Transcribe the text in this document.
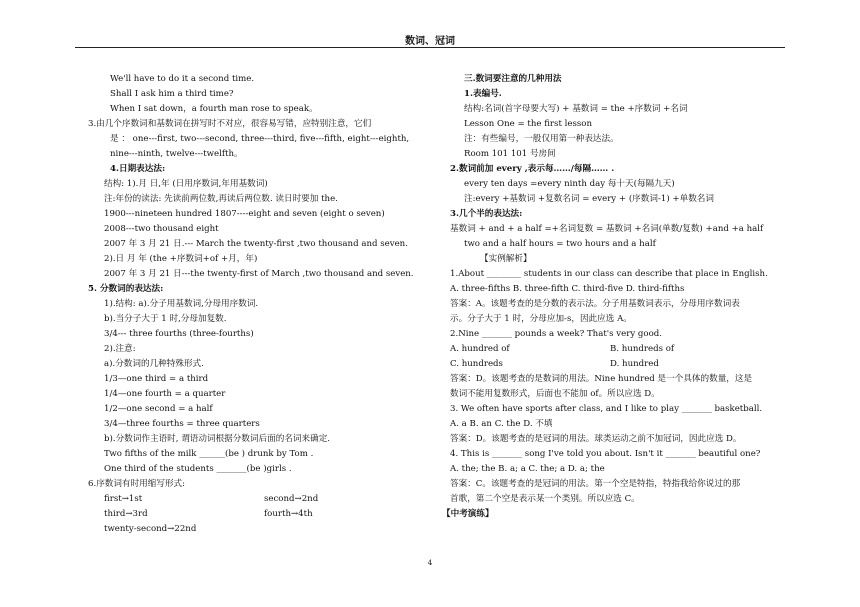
数词、冠词
We'll have to do it a second time.
Shall I ask him a third time?
When I sat down，a fourth man rose to speak。
3.由几个序数词和基数词在拼写时不对应，很容易写错，应特别注意，它们
是 ： one---first, two---second, three---third, five---fifth, eight---eighth,
nine---ninth, twelve---twelfth。
4.日期表达法:
结构: 1).月 日,年 (日用序数词,年用基数词)
注:年份的读法: 先读前两位数,再读后两位数. 读日时要加 the.
1900---nineteen hundred 1807----eight and seven (eight o seven)
2008---two thousand eight
2007 年 3 月 21 日.--- March the twenty-first ,two thousand and seven.
2).日 月 年 (the +序数词+of +月，年)
2007 年 3 月 21 日---the twenty-first of March ,two thousand and seven.
5. 分数词的表达法:
1).结构: a).分子用基数词,分母用序数词.
b).当分子大于 1 时,分母加复数.
3/4--- three fourths (three-fourths)
2).注意:
a).分数词的几种特殊形式.
1/3—one third = a third
1/4—one fourth = a quarter
1/2—one second = a half
3/4—three fourths = three quarters
b).分数词作主语时, 谓语动词根据分数词后面的名词来确定.
Two fifths of the milk ______(be ) drunk by Tom .
One third of the students _______(be )girls .
6.序数词有时用缩写形式:
first→1st	second→2nd
third→3rd	fourth→4th
twenty-second→22nd
三.数词要注意的几种用法
1.表编号.
结构:名词(首字母要大写) + 基数词 = the +序数词 +名词
Lesson One = the first lesson
注：有些编号，一般仅用第一种表达法。
Room 101 101 号房间
2.数词前加 every ,表示每……/每隔…… .
every ten days =every ninth day 每十天(每隔九天)
注:every +基数词 +复数名词 = every + (序数词-1) +单数名词
3.几个半的表达法:
基数词 + and + a half =+名词复数 = 基数词 +名词(单数/复数) +and +a half
two and a half hours = two hours and a half
【实例解析】
1.About ________ students in our class can describe that place in English.
A. three-fifths B. three-fifth C. third-five D. third-fifths
答案：A。该题考查的是分数的表示法。分子用基数词表示，分母用序数词表
示。分子大于 1 时，分母应加-s，因此应选 A。
2.Nine _______ pounds a week? That's very good.
A. hundred of	B. hundreds of
C. hundreds	D. hundred
答案：D。该题考查的是数词的用法。Nine hundred 是一个具体的数量，这是
数词不能用复数形式，后面也不能加 of。所以应选 D。
3. We often have sports after class, and I like to play _______ basketball.
A. a B. an C. the D. 不填
答案：D。该题考查的是冠词的用法。球类运动之前不加冠词，因此应选 D。
4. This is _______ song I've told you about. Isn't it _______ beautiful one?
A. the; the B. a; a C. the; a D. a; the
答案：C。该题考查的是冠词的用法。第一个空是特指，特指我给你说过的那
首歌，第二个空是表示某一个类别。所以应选 C。
【中考演练】
4
